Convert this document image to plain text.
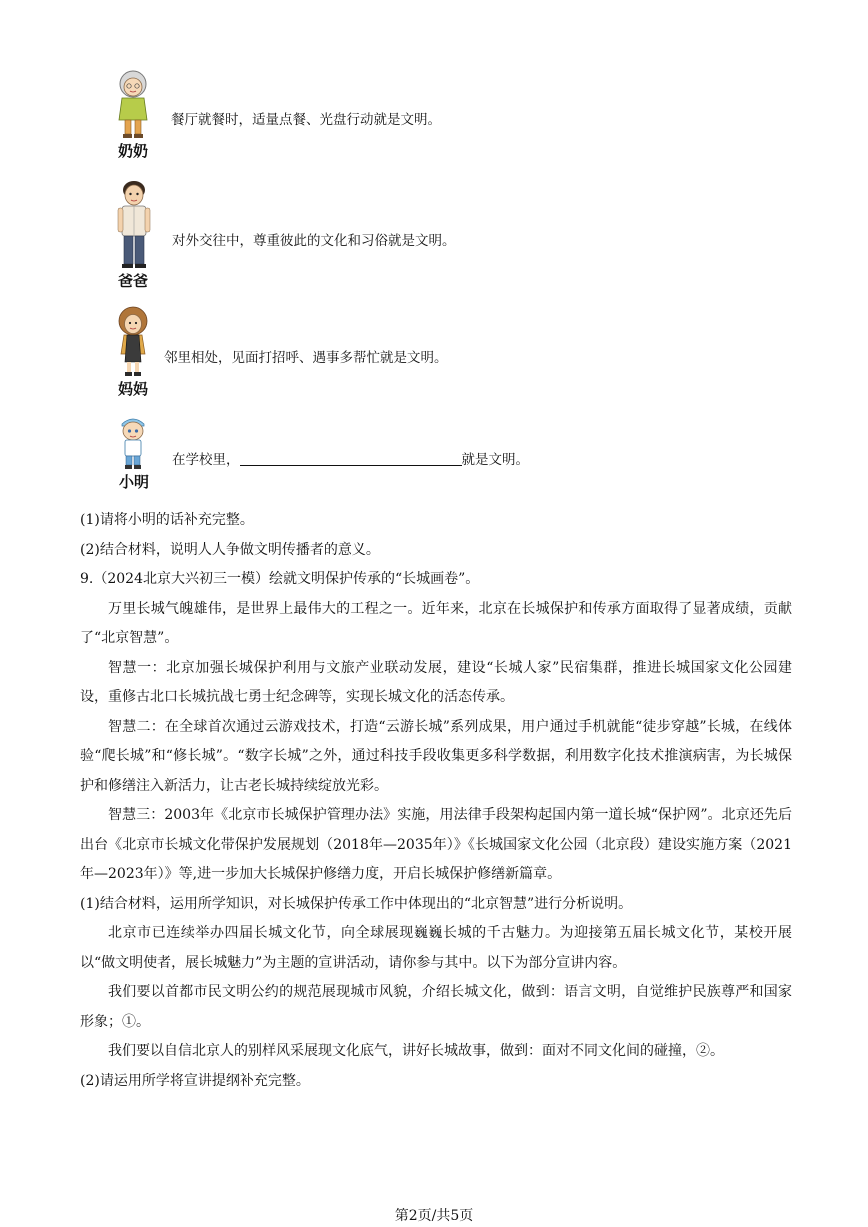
奶奶
餐厅就餐时，适量点餐、光盘行动就是文明。
爸爸
对外交往中，尊重彼此的文化和习俗就是文明。
妈妈
邻里相处，见面打招呼、遇事多帮忙就是文明。
小明
在学校里，	就是文明。

(1)请将小明的话补充完整。

(2)结合材料，说明人人争做文明传播者的意义。

9.（2024北京大兴初三一模）绘就文明保护传承的“长城画卷”。

万里长城气魄雄伟，是世界上最伟大的工程之一。近年来，北京在长城保护和传承方面取得了显著成绩，贡献了“北京智慧”。

智慧一：北京加强长城保护利用与文旅产业联动发展，建设“长城人家”民宿集群，推进长城国家文化公园建设，重修古北口长城抗战七勇士纪念碑等，实现长城文化的活态传承。

智慧二：在全球首次通过云游戏技术，打造“云游长城”系列成果，用户通过手机就能“徒步穿越”长城，在线体验“爬长城”和“修长城”。“数字长城”之外，通过科技手段收集更多科学数据，利用数字化技术推演病害，为长城保护和修缮注入新活力，让古老长城持续绽放光彩。

智慧三：2003年《北京市长城保护管理办法》实施，用法律手段架构起国内第一道长城“保护网”。北京还先后出台《北京市长城文化带保护发展规划（2018年—2035年）》《长城国家文化公园（北京段）建设实施方案（2021年—2023年）》等,进一步加大长城保护修缮力度，开启长城保护修缮新篇章。

(1)结合材料，运用所学知识，对长城保护传承工作中体现出的“北京智慧”进行分析说明。

北京市已连续举办四届长城文化节，向全球展现巍巍长城的千古魅力。为迎接第五届长城文化节，某校开展以“做文明使者，展长城魅力”为主题的宣讲活动，请你参与其中。以下为部分宣讲内容。

我们要以首都市民文明公约的规范展现城市风貌，介绍长城文化，做到：语言文明，自觉维护民族尊严和国家形象；①。

我们要以自信北京人的别样风采展现文化底气，讲好长城故事，做到：面对不同文化间的碰撞，②。

(2)请运用所学将宣讲提纲补充完整。

第2页/共5页
